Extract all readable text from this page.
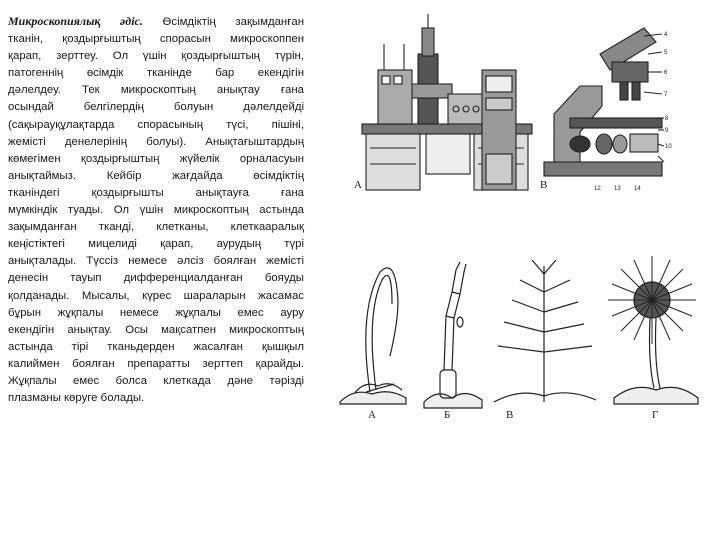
Микроскопиялық әдіс. Өсімдіктің зақымданған
тканін, қоздырғыштың спорасын микроскоппен
қарап, зерттеу. Ол үшін қоздырғыштың түрін,
патогеннің өсімдік тканінде бар екендігін
дәлелдеу. Тек микроскоптың анықтау ғана
осындай белгілердің болуын дәлелдейді
(сақырауқұлақтарда спорасының түсі, пішіні,
жемісті денелерінің болуы). Анықтағыштардың
көмегімен қоздырғыштың жүйелік орналасуын
анықтаймыз. Кейбір жағдайда өсімдіктің
тканіндегі қоздырғышты анықтауға ғана
мүмкіндік туады. Ол үшін микроскоптың астында
зақымданған тканді, клетканы, клеткааралық
кеңістіктегі мицелиді қарап, аурудың түрі
анықталады. Түссіз немесе әлсіз боялған жемісті
денесін тауып дифференциалданған бояуды
қолданады. Мысалы, күрес шараларын жасамас
бұрын жұқпалы немесе жұқпалы емес ауру
екендігін анықтау. Осы мақсатпен микроскоптың
астында тірі тканьдерден жасалған қышқыл
калиймен боялған препаратты зерттеп қарайды.
Жұқпалы емес болса клеткада дәне тәрізді
плазманы көруге болады.
A	B
4
5
6
7
8
9
10
12 13 14
А	Б	В	Г
